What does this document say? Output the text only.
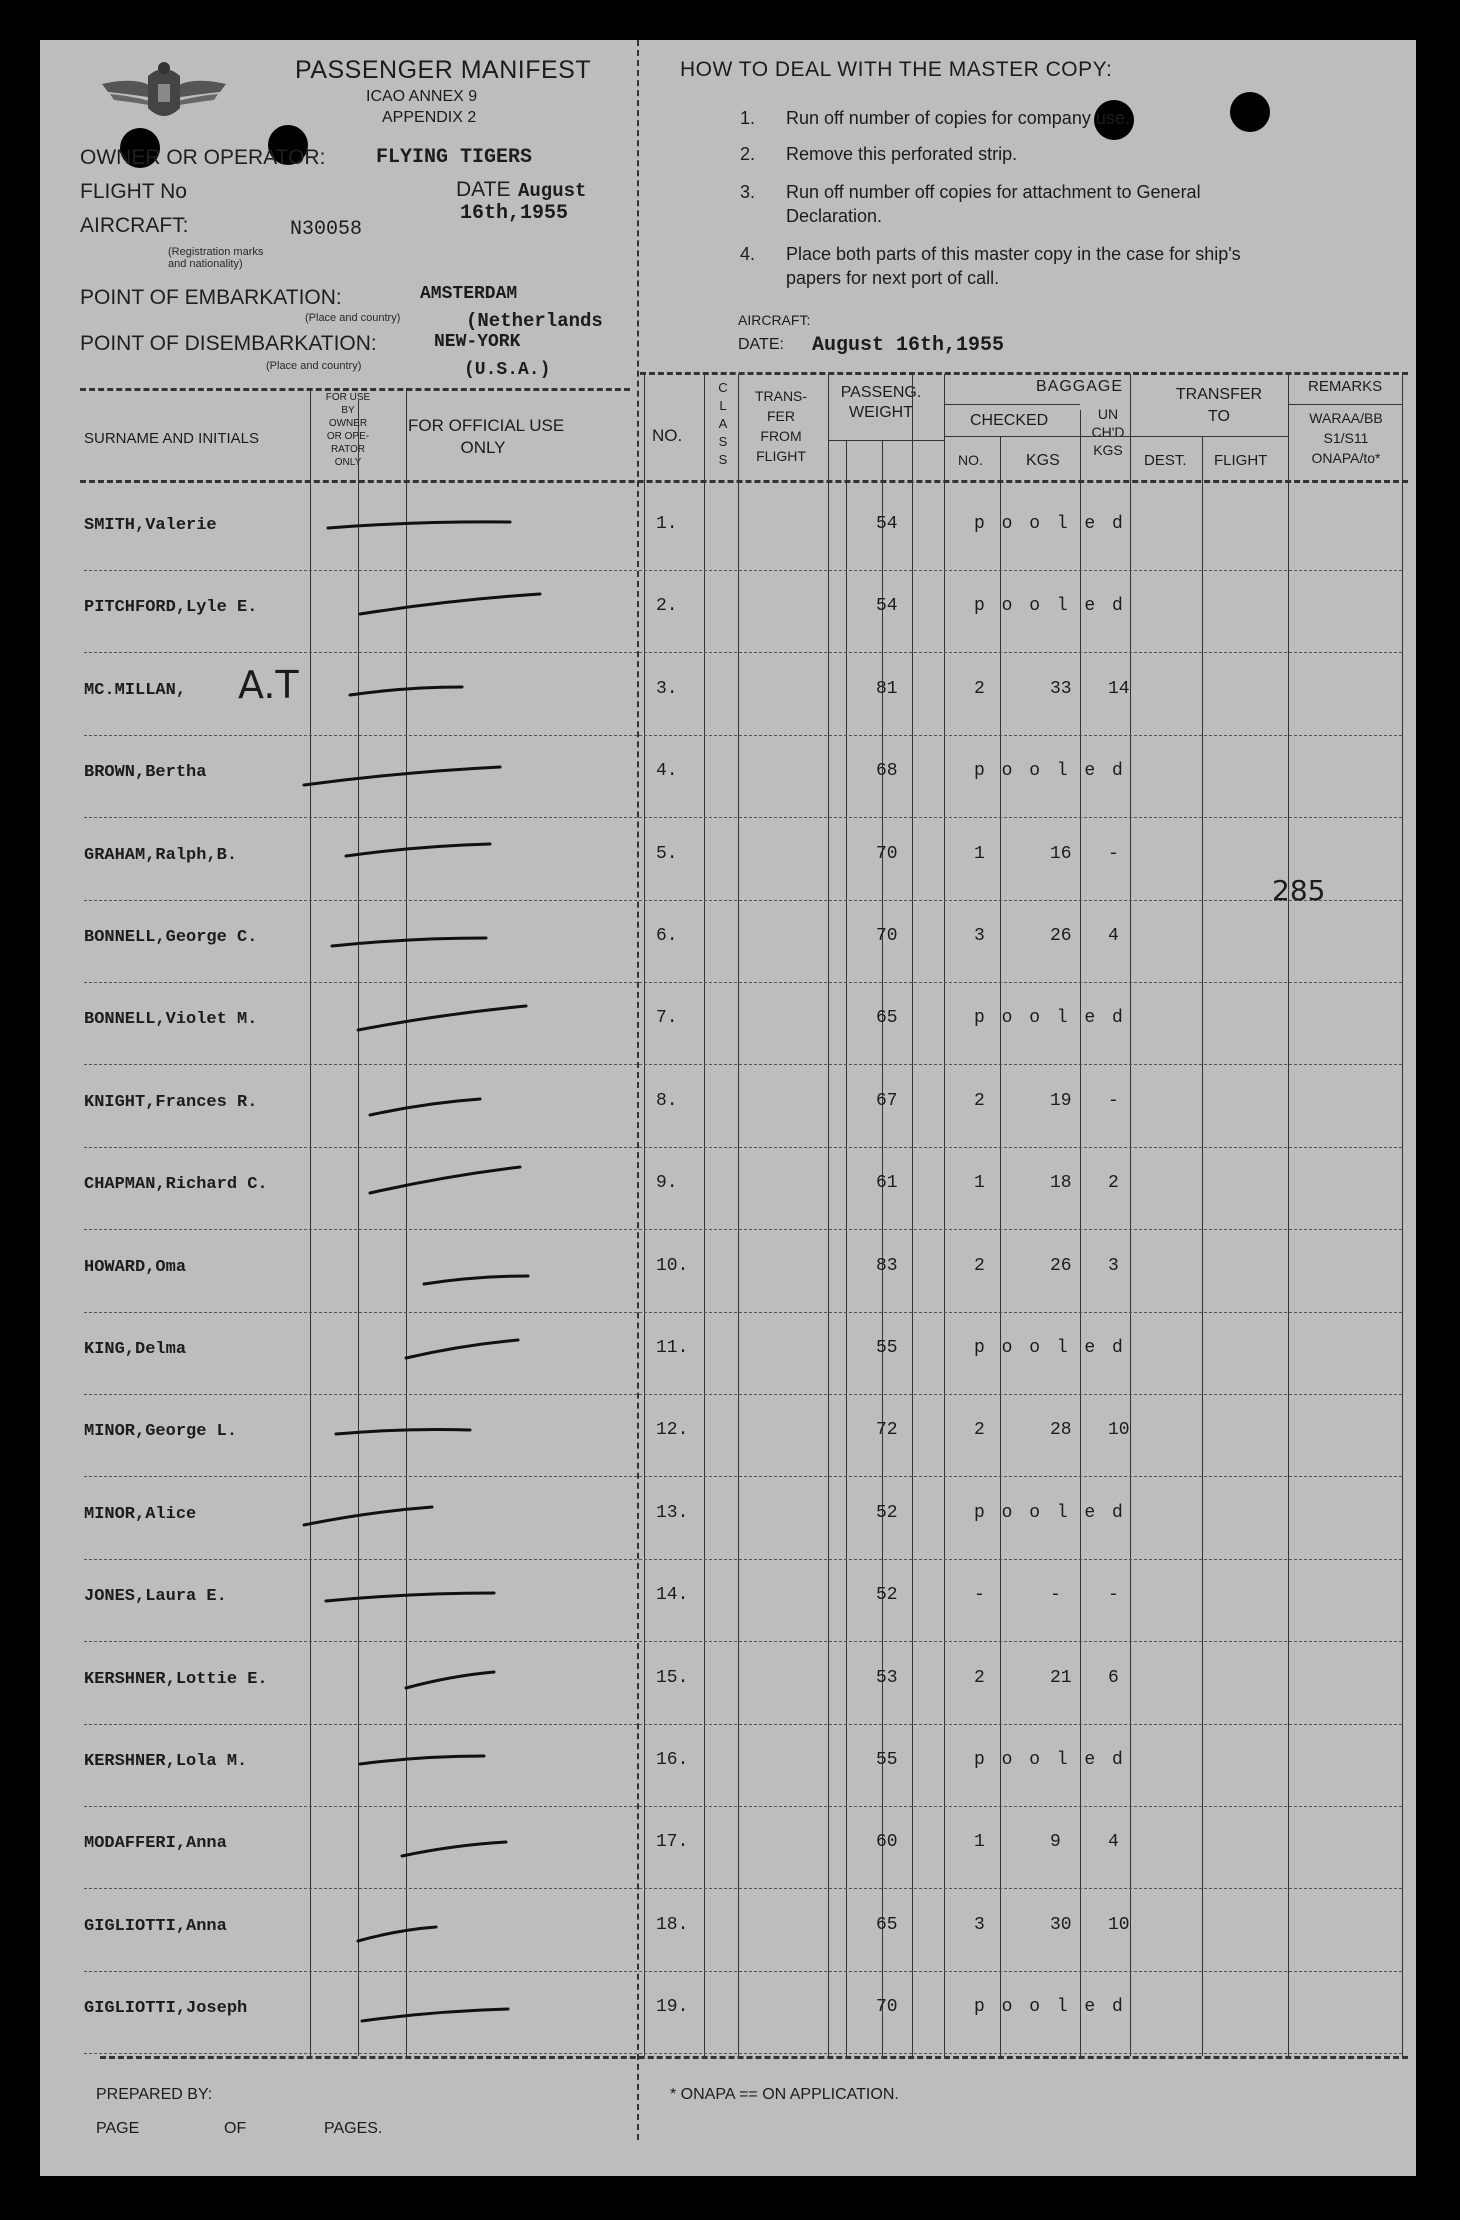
PASSENGER MANIFEST
ICAO ANNEX 9
APPENDIX 2
OWNER OR OPERATOR:	FLYING TIGERS
FLIGHT No	DATE August
16th,1955
AIRCRAFT:	N30058
(Registration marks
and nationality)
POINT OF EMBARKATION:	AMSTERDAM
(Place and country)	(Netherlands
POINT OF DISEMBARKATION:	NEW-YORK
(Place and country)	(U.S.A.)
HOW TO DEAL WITH THE MASTER COPY:
1. Run off number of copies for company use.
2. Remove this perforated strip.
3. Run off number off copies for attachment to General
Declaration.
4. Place both parts of this master copy in the case for ship's
papers for next port of call.
AIRCRAFT:
DATE: August 16th,1955
SURNAME AND INITIALS
FOR USE
BY
OWNER
OR OPE-
RATOR
ONLY
FOR OFFICIAL USE
ONLY
NO.
C
L
A
S
S
TRANS-
FER
FROM
FLIGHT
PASSENG.
WEIGHT
BAGGAGE
CHECKED
NO.	KGS
UN
CH'D
KGS
TRANSFER
TO
DEST. FLIGHT
REMARKS
WARAA/BB
S1/S11
ONAPA/to*
SMITH,Valerie	1.	54	p o o l e d
PITCHFORD,Lyle E.	2.	54	p o o l e d
MC.MILLAN, A.T	3.	81	2	33 14
BROWN,Bertha	4.	68	p o o l e d
GRAHAM,Ralph,B.	5.	70	1	16 -
BONNELL,George C.	6.	70	3	26 4
BONNELL,Violet M.	7.	65	p o o l e d
KNIGHT,Frances R.	8.	67	2	19 -
CHAPMAN,Richard C.	9.	61	1	18 2
HOWARD,Oma	10.	83	2	26 3
KING,Delma	11.	55	p o o l e d
MINOR,George L.	12.	72	2	28 10
MINOR,Alice	13.	52	p o o l e d
JONES,Laura E.	14.	52	-	-	-
KERSHNER,Lottie E.	15.	53	2	21 6
KERSHNER,Lola M.	16.	55	p o o l e d
MODAFFERI,Anna	17.	60	1	9	4
GIGLIOTTI,Anna	18.	65	3	30 10
GIGLIOTTI,Joseph	19.	70	p o o l e d
285
PREPARED BY:
PAGE	OF	PAGES.
* ONAPA == ON APPLICATION.
